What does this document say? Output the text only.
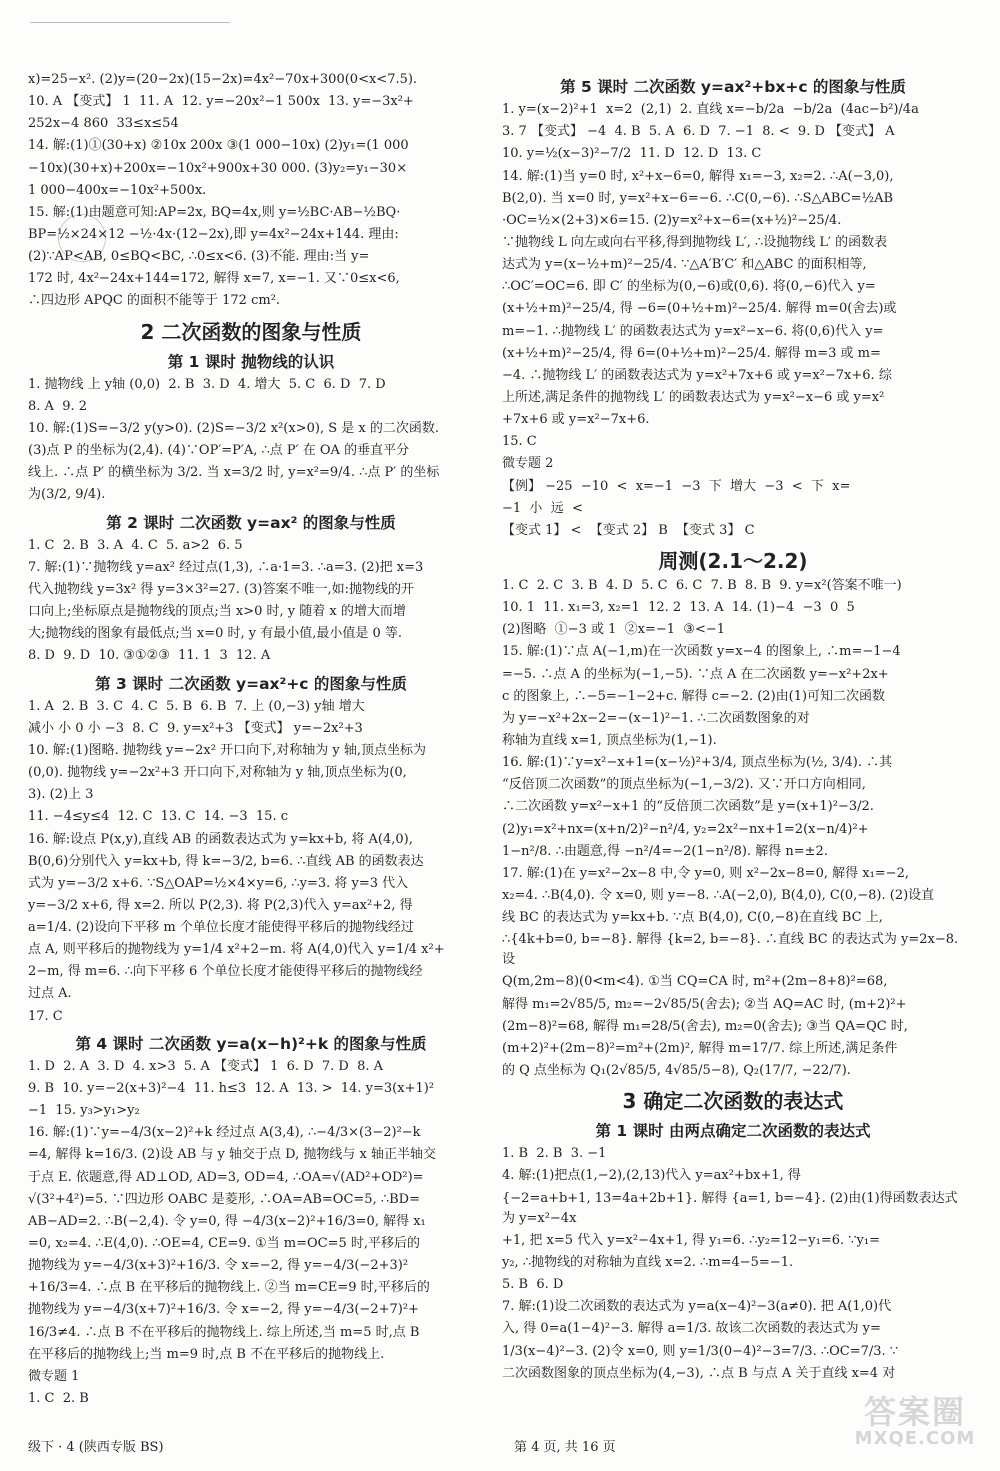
x)=25−x². (2)y=(20−2x)(15−2x)=4x²−70x+300(0<x<7.5).
10. A 【变式】 1  11. A  12. y=−20x²−1 500x  13. y=−3x²+
252x−4 860  33≤x≤54
14. 解:(1)①(30+x) ②10x 200x ③(1 000−10x) (2)y₁=(1 000
−10x)(30+x)+200x=−10x²+900x+30 000. (3)y₂=y₁−30×
1 000−400x=−10x²+500x.
15. 解:(1)由题意可知:AP=2x, BQ=4x,则 y=½BC·AB−½BQ·
BP=½×24×12 −½·4x·(12−2x),即 y=4x²−24x+144. 理由:
(2)∵AP<AB, 0≤BQ<BC, ∴0≤x<6. (3)不能. 理由:当 y=
172 时, 4x²−24x+144=172, 解得 x=7, x=−1. 又∵0≤x<6,
∴四边形 APQC 的面积不能等于 172 cm².
2 二次函数的图象与性质
第 1 课时 抛物线的认识
1. 抛物线 上 y轴 (0,0)  2. B  3. D  4. 增大  5. C  6. D  7. D
8. A  9. 2
10. 解:(1)S=−3/2 y(y>0). (2)S=−3/2 x²(x>0), S 是 x 的二次函数.
(3)点 P 的坐标为(2,4). (4)∵OP′=P′A, ∴点 P′ 在 OA 的垂直平分
线上. ∴点 P′ 的横坐标为 3/2. 当 x=3/2 时, y=x²=9/4. ∴点 P′ 的坐标
为(3/2, 9/4).
第 2 课时 二次函数 y=ax² 的图象与性质
1. C  2. B  3. A  4. C  5. a>2  6. 5
7. 解:(1)∵抛物线 y=ax² 经过点(1,3), ∴a·1=3. ∴a=3. (2)把 x=3
代入抛物线 y=3x² 得 y=3×3²=27. (3)答案不唯一,如:抛物线的开
口向上;坐标原点是抛物线的顶点;当 x>0 时, y 随着 x 的增大而增
大;抛物线的图象有最低点;当 x=0 时, y 有最小值,最小值是 0 等.
8. D  9. D  10. ③①②③  11. 1  3  12. A
第 3 课时 二次函数 y=ax²+c 的图象与性质
1. A  2. B  3. C  4. C  5. B  6. B  7. 上 (0,−3) y轴 增大
减小 小 0 小 −3  8. C  9. y=x²+3 【变式】 y=−2x²+3
10. 解:(1)图略. 抛物线 y=−2x² 开口向下,对称轴为 y 轴,顶点坐标为
(0,0). 抛物线 y=−2x²+3 开口向下,对称轴为 y 轴,顶点坐标为(0,
3). (2)上 3
11. −4≤y≤4  12. C  13. C  14. −3  15. c
16. 解:设点 P(x,y),直线 AB 的函数表达式为 y=kx+b, 将 A(4,0),
B(0,6)分别代入 y=kx+b, 得 k=−3/2, b=6. ∴直线 AB 的函数表达
式为 y=−3/2 x+6. ∵S△OAP=½×4×y=6, ∴y=3. 将 y=3 代入
y=−3/2 x+6, 得 x=2. 所以 P(2,3). 将 P(2,3)代入 y=ax²+2, 得
a=1/4. (2)设向下平移 m 个单位长度才能使得平移后的抛物线经过
点 A, 则平移后的抛物线为 y=1/4 x²+2−m. 将 A(4,0)代入 y=1/4 x²+
2−m, 得 m=6. ∴向下平移 6 个单位长度才能使得平移后的抛物线经
过点 A.
17. C
第 4 课时 二次函数 y=a(x−h)²+k 的图象与性质
1. D  2. A  3. D  4. x>3  5. A 【变式】 1  6. D  7. D  8. A
9. B  10. y=−2(x+3)²−4  11. h≤3  12. A  13. >  14. y=3(x+1)²
−1  15. y₃>y₁>y₂
16. 解:(1)∵y=−4/3(x−2)²+k 经过点 A(3,4), ∴−4/3×(3−2)²−k
=4, 解得 k=16/3. (2)设 AB 与 y 轴交于点 D, 抛物线与 x 轴正半轴交
于点 E. 依题意,得 AD⊥OD, AD=3, OD=4, ∴OA=√(AD²+OD²)=
√(3²+4²)=5. ∵四边形 OABC 是菱形, ∴OA=AB=OC=5, ∴BD=
AB−AD=2. ∴B(−2,4). 令 y=0, 得 −4/3(x−2)²+16/3=0, 解得 x₁
=0, x₂=4. ∴E(4,0). ∴OE=4, CE=9. ①当 m=OC=5 时,平移后的
抛物线为 y=−4/3(x+3)²+16/3. 令 x=−2, 得 y=−4/3(−2+3)²
+16/3=4. ∴点 B 在平移后的抛物线上. ②当 m=CE=9 时,平移后的
抛物线为 y=−4/3(x+7)²+16/3. 令 x=−2, 得 y=−4/3(−2+7)²+
16/3≠4. ∴点 B 不在平移后的抛物线上. 综上所述,当 m=5 时,点 B
在平移后的抛物线上;当 m=9 时,点 B 不在平移后的抛物线上.
微专题 1
1. C  2. B
第 5 课时 二次函数 y=ax²+bx+c 的图象与性质
1. y=(x−2)²+1  x=2  (2,1)  2. 直线 x=−b/2a  −b/2a  (4ac−b²)/4a
3. 7 【变式】 −4  4. B  5. A  6. D  7. −1  8. <  9. D 【变式】 A
10. y=½(x−3)²−7/2  11. D  12. D  13. C
14. 解:(1)当 y=0 时, x²+x−6=0, 解得 x₁=−3, x₂=2. ∴A(−3,0),
B(2,0). 当 x=0 时, y=x²+x−6=−6. ∴C(0,−6). ∴S△ABC=½AB
·OC=½×(2+3)×6=15. (2)y=x²+x−6=(x+½)²−25/4.
∵抛物线 L 向左或向右平移,得到抛物线 L′, ∴设抛物线 L′ 的函数表
达式为 y=(x−½+m)²−25/4. ∵△A′B′C′ 和△ABC 的面积相等,
∴OC′=OC=6. 即 C′ 的坐标为(0,−6)或(0,6). 将(0,−6)代入 y=
(x+½+m)²−25/4, 得 −6=(0+½+m)²−25/4. 解得 m=0(舍去)或
m=−1. ∴抛物线 L′ 的函数表达式为 y=x²−x−6. 将(0,6)代入 y=
(x+½+m)²−25/4, 得 6=(0+½+m)²−25/4. 解得 m=3 或 m=
−4. ∴抛物线 L′ 的函数表达式为 y=x²+7x+6 或 y=x²−7x+6. 综
上所述,满足条件的抛物线 L′ 的函数表达式为 y=x²−x−6 或 y=x²
+7x+6 或 y=x²−7x+6.
15. C
微专题 2
【例】 −25  −10  <  x=−1  −3  下  增大  −3  <  下  x=
−1  小  远  <
【变式 1】 <  【变式 2】 B  【变式 3】 C
周测(2.1～2.2)
1. C  2. C  3. B  4. D  5. C  6. C  7. B  8. B  9. y=x²(答案不唯一)
10. 1  11. x₁=3, x₂=1  12. 2  13. A  14. (1)−4  −3  0  5
(2)图略  ①−3 或 1  ②x=−1  ③<−1
15. 解:(1)∵点 A(−1,m)在一次函数 y=x−4 的图象上, ∴m=−1−4
=−5. ∴点 A 的坐标为(−1,−5). ∵点 A 在二次函数 y=−x²+2x+
c 的图象上, ∴−5=−1−2+c. 解得 c=−2. (2)由(1)可知二次函数
为 y=−x²+2x−2=−(x−1)²−1. ∴二次函数图象的对
称轴为直线 x=1, 顶点坐标为(1,−1).
16. 解:(1)∵y=x²−x+1=(x−½)²+3/4, 顶点坐标为(½, 3/4). ∴其
“反倍顶二次函数”的顶点坐标为(−1,−3/2). 又∵开口方向相同,
∴二次函数 y=x²−x+1 的“反倍顶二次函数”是 y=(x+1)²−3/2.
(2)y₁=x²+nx=(x+n/2)²−n²/4, y₂=2x²−nx+1=2(x−n/4)²+
1−n²/8. ∴由题意,得 −n²/4=−2(1−n²/8). 解得 n=±2.
17. 解:(1)在 y=x²−2x−8 中,令 y=0, 则 x²−2x−8=0, 解得 x₁=−2,
x₂=4. ∴B(4,0). 令 x=0, 则 y=−8. ∴A(−2,0), B(4,0), C(0,−8). (2)设直
线 BC 的表达式为 y=kx+b. ∵点 B(4,0), C(0,−8)在直线 BC 上,
∴{4k+b=0, b=−8}. 解得 {k=2, b=−8}. ∴直线 BC 的表达式为 y=2x−8. 设
Q(m,2m−8)(0<m<4). ①当 CQ=CA 时, m²+(2m−8+8)²=68,
解得 m₁=2√85/5, m₂=−2√85/5(舍去); ②当 AQ=AC 时, (m+2)²+
(2m−8)²=68, 解得 m₁=28/5(舍去), m₂=0(舍去); ③当 QA=QC 时,
(m+2)²+(2m−8)²=m²+(2m)², 解得 m=17/7. 综上所述,满足条件
的 Q 点坐标为 Q₁(2√85/5, 4√85/5−8), Q₂(17/7, −22/7).
3 确定二次函数的表达式
第 1 课时 由两点确定二次函数的表达式
1. B  2. B  3. −1
4. 解:(1)把点(1,−2),(2,13)代入 y=ax²+bx+1, 得
{−2=a+b+1, 13=4a+2b+1}. 解得 {a=1, b=−4}. (2)由(1)得函数表达式为 y=x²−4x
+1, 把 x=5 代入 y=x²−4x+1, 得 y₁=6. ∴y₂=12−y₁=6. ∵y₁=
y₂, ∴抛物线的对称轴为直线 x=2. ∴m=4−5=−1.
5. B  6. D
7. 解:(1)设二次函数的表达式为 y=a(x−4)²−3(a≠0). 把 A(1,0)代
入, 得 0=a(1−4)²−3. 解得 a=1/3. 故该二次函数的表达式为 y=
1/3(x−4)²−3. (2)令 x=0, 则 y=1/3(0−4)²−3=7/3. ∴OC=7/3. ∵
二次函数图象的顶点坐标为(4,−3), ∴点 B 与点 A 关于直线 x=4 对
级下 · 4 (陕西专版 BS)	第 4 页, 共 16 页
答案圈
MXQE.COM
